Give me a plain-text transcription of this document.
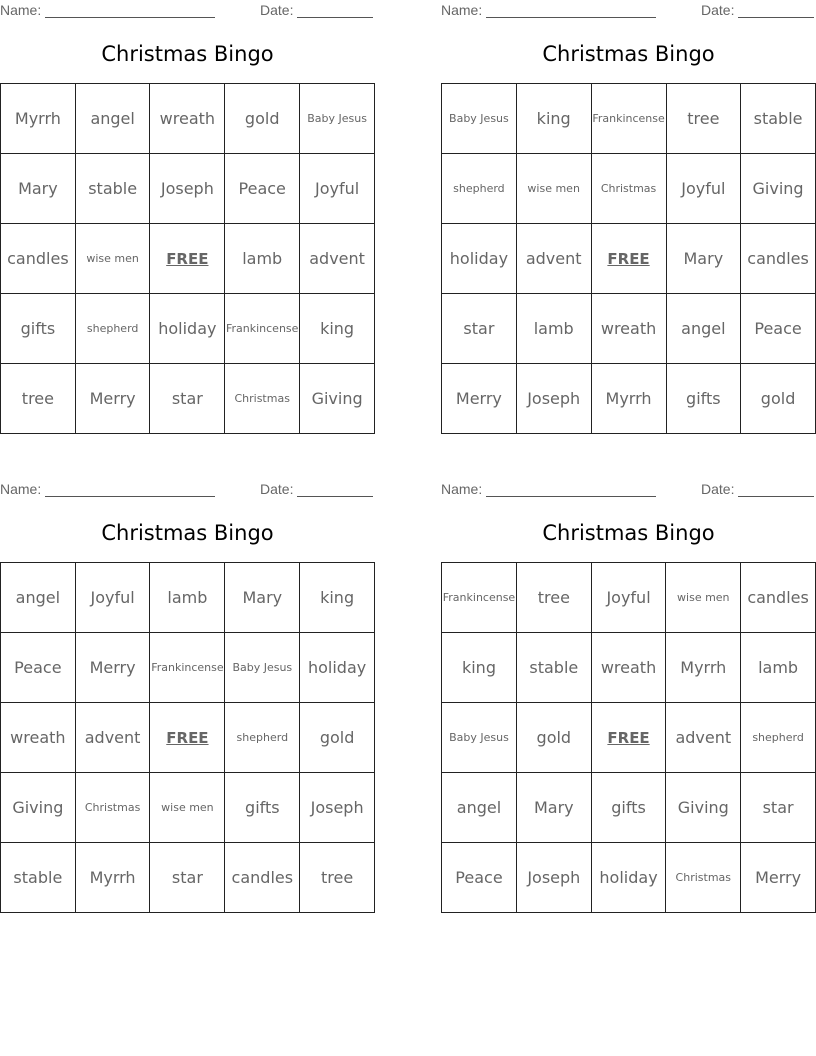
Name:	Date:
Christmas Bingo
Myrrh	angel	wreath	gold	Baby Jesus
Mary	stable	Joseph	Peace	Joyful
candles	wise men	FREE	lamb	advent
gifts	shepherd	holiday	Frankincense	king
tree	Merry	star	Christmas	Giving
Name:	Date:
Christmas Bingo
Baby Jesus	king	Frankincense	tree	stable
shepherd	wise men	Christmas	Joyful	Giving
holiday	advent	FREE	Mary	candles
star	lamb	wreath	angel	Peace
Merry	Joseph	Myrrh	gifts	gold
Name:	Date:
Christmas Bingo
angel	Joyful	lamb	Mary	king
Peace	Merry	Frankincense	Baby Jesus	holiday
wreath	advent	FREE	shepherd	gold
Giving	Christmas	wise men	gifts	Joseph
stable	Myrrh	star	candles	tree
Name:	Date:
Christmas Bingo
Frankincense	tree	Joyful	wise men	candles
king	stable	wreath	Myrrh	lamb
Baby Jesus	gold	FREE	advent	shepherd
angel	Mary	gifts	Giving	star
Peace	Joseph	holiday	Christmas	Merry
